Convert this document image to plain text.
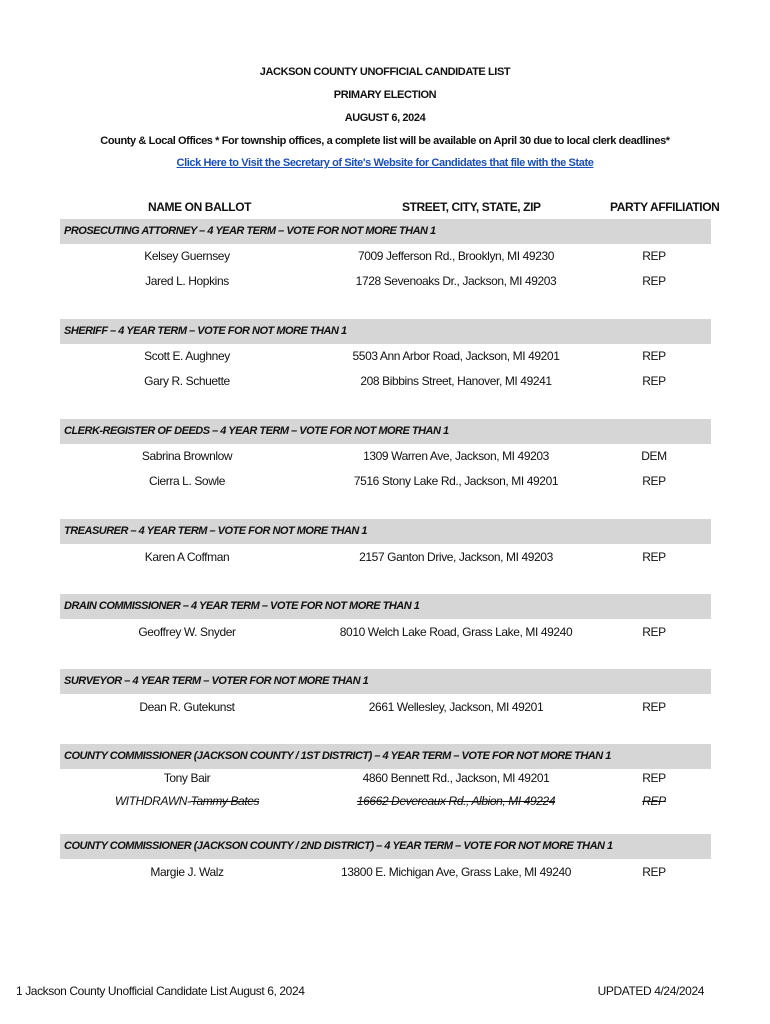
JACKSON COUNTY UNOFFICIAL CANDIDATE LIST
PRIMARY ELECTION
AUGUST 6, 2024
County & Local Offices * For township offices, a complete list will be available on April 30 due to local clerk deadlines*
Click Here to Visit the Secretary of Site's Website for Candidates that file with the State
NAME ON BALLOT	STREET, CITY, STATE, ZIP	PARTY AFFILIATION
PROSECUTING ATTORNEY – 4 YEAR TERM – VOTE FOR NOT MORE THAN 1
Kelsey Guernsey	7009 Jefferson Rd., Brooklyn, MI 49230	REP
Jared L. Hopkins	1728 Sevenoaks Dr., Jackson, MI 49203	REP
SHERIFF – 4 YEAR TERM – VOTE FOR NOT MORE THAN 1
Scott E. Aughney	5503 Ann Arbor Road, Jackson, MI 49201	REP
Gary R. Schuette	208 Bibbins Street, Hanover, MI 49241	REP
CLERK-REGISTER OF DEEDS – 4 YEAR TERM – VOTE FOR NOT MORE THAN 1
Sabrina Brownlow	1309 Warren Ave, Jackson, MI 49203	DEM
Cierra L. Sowle	7516 Stony Lake Rd., Jackson, MI 49201	REP
TREASURER – 4 YEAR TERM – VOTE FOR NOT MORE THAN 1
Karen A Coffman	2157 Ganton Drive, Jackson, MI 49203	REP
DRAIN COMMISSIONER – 4 YEAR TERM – VOTE FOR NOT MORE THAN 1
Geoffrey W. Snyder	8010 Welch Lake Road, Grass Lake, MI 49240	REP
SURVEYOR – 4 YEAR TERM – VOTER FOR NOT MORE THAN 1
Dean R. Gutekunst	2661 Wellesley, Jackson, MI 49201	REP
COUNTY COMMISSIONER (JACKSON COUNTY / 1ST DISTRICT) – 4 YEAR TERM – VOTE FOR NOT MORE THAN 1
Tony Bair	4860 Bennett Rd., Jackson, MI 49201	REP
WITHDRAWN-Tammy Bates	16662 Devereaux Rd., Albion, MI 49224	REP
COUNTY COMMISSIONER (JACKSON COUNTY / 2ND DISTRICT) – 4 YEAR TERM – VOTE FOR NOT MORE THAN 1
Margie J. Walz	13800 E. Michigan Ave, Grass Lake, MI 49240	REP
1 Jackson County Unofficial Candidate List August 6, 2024	UPDATED 4/24/2024
